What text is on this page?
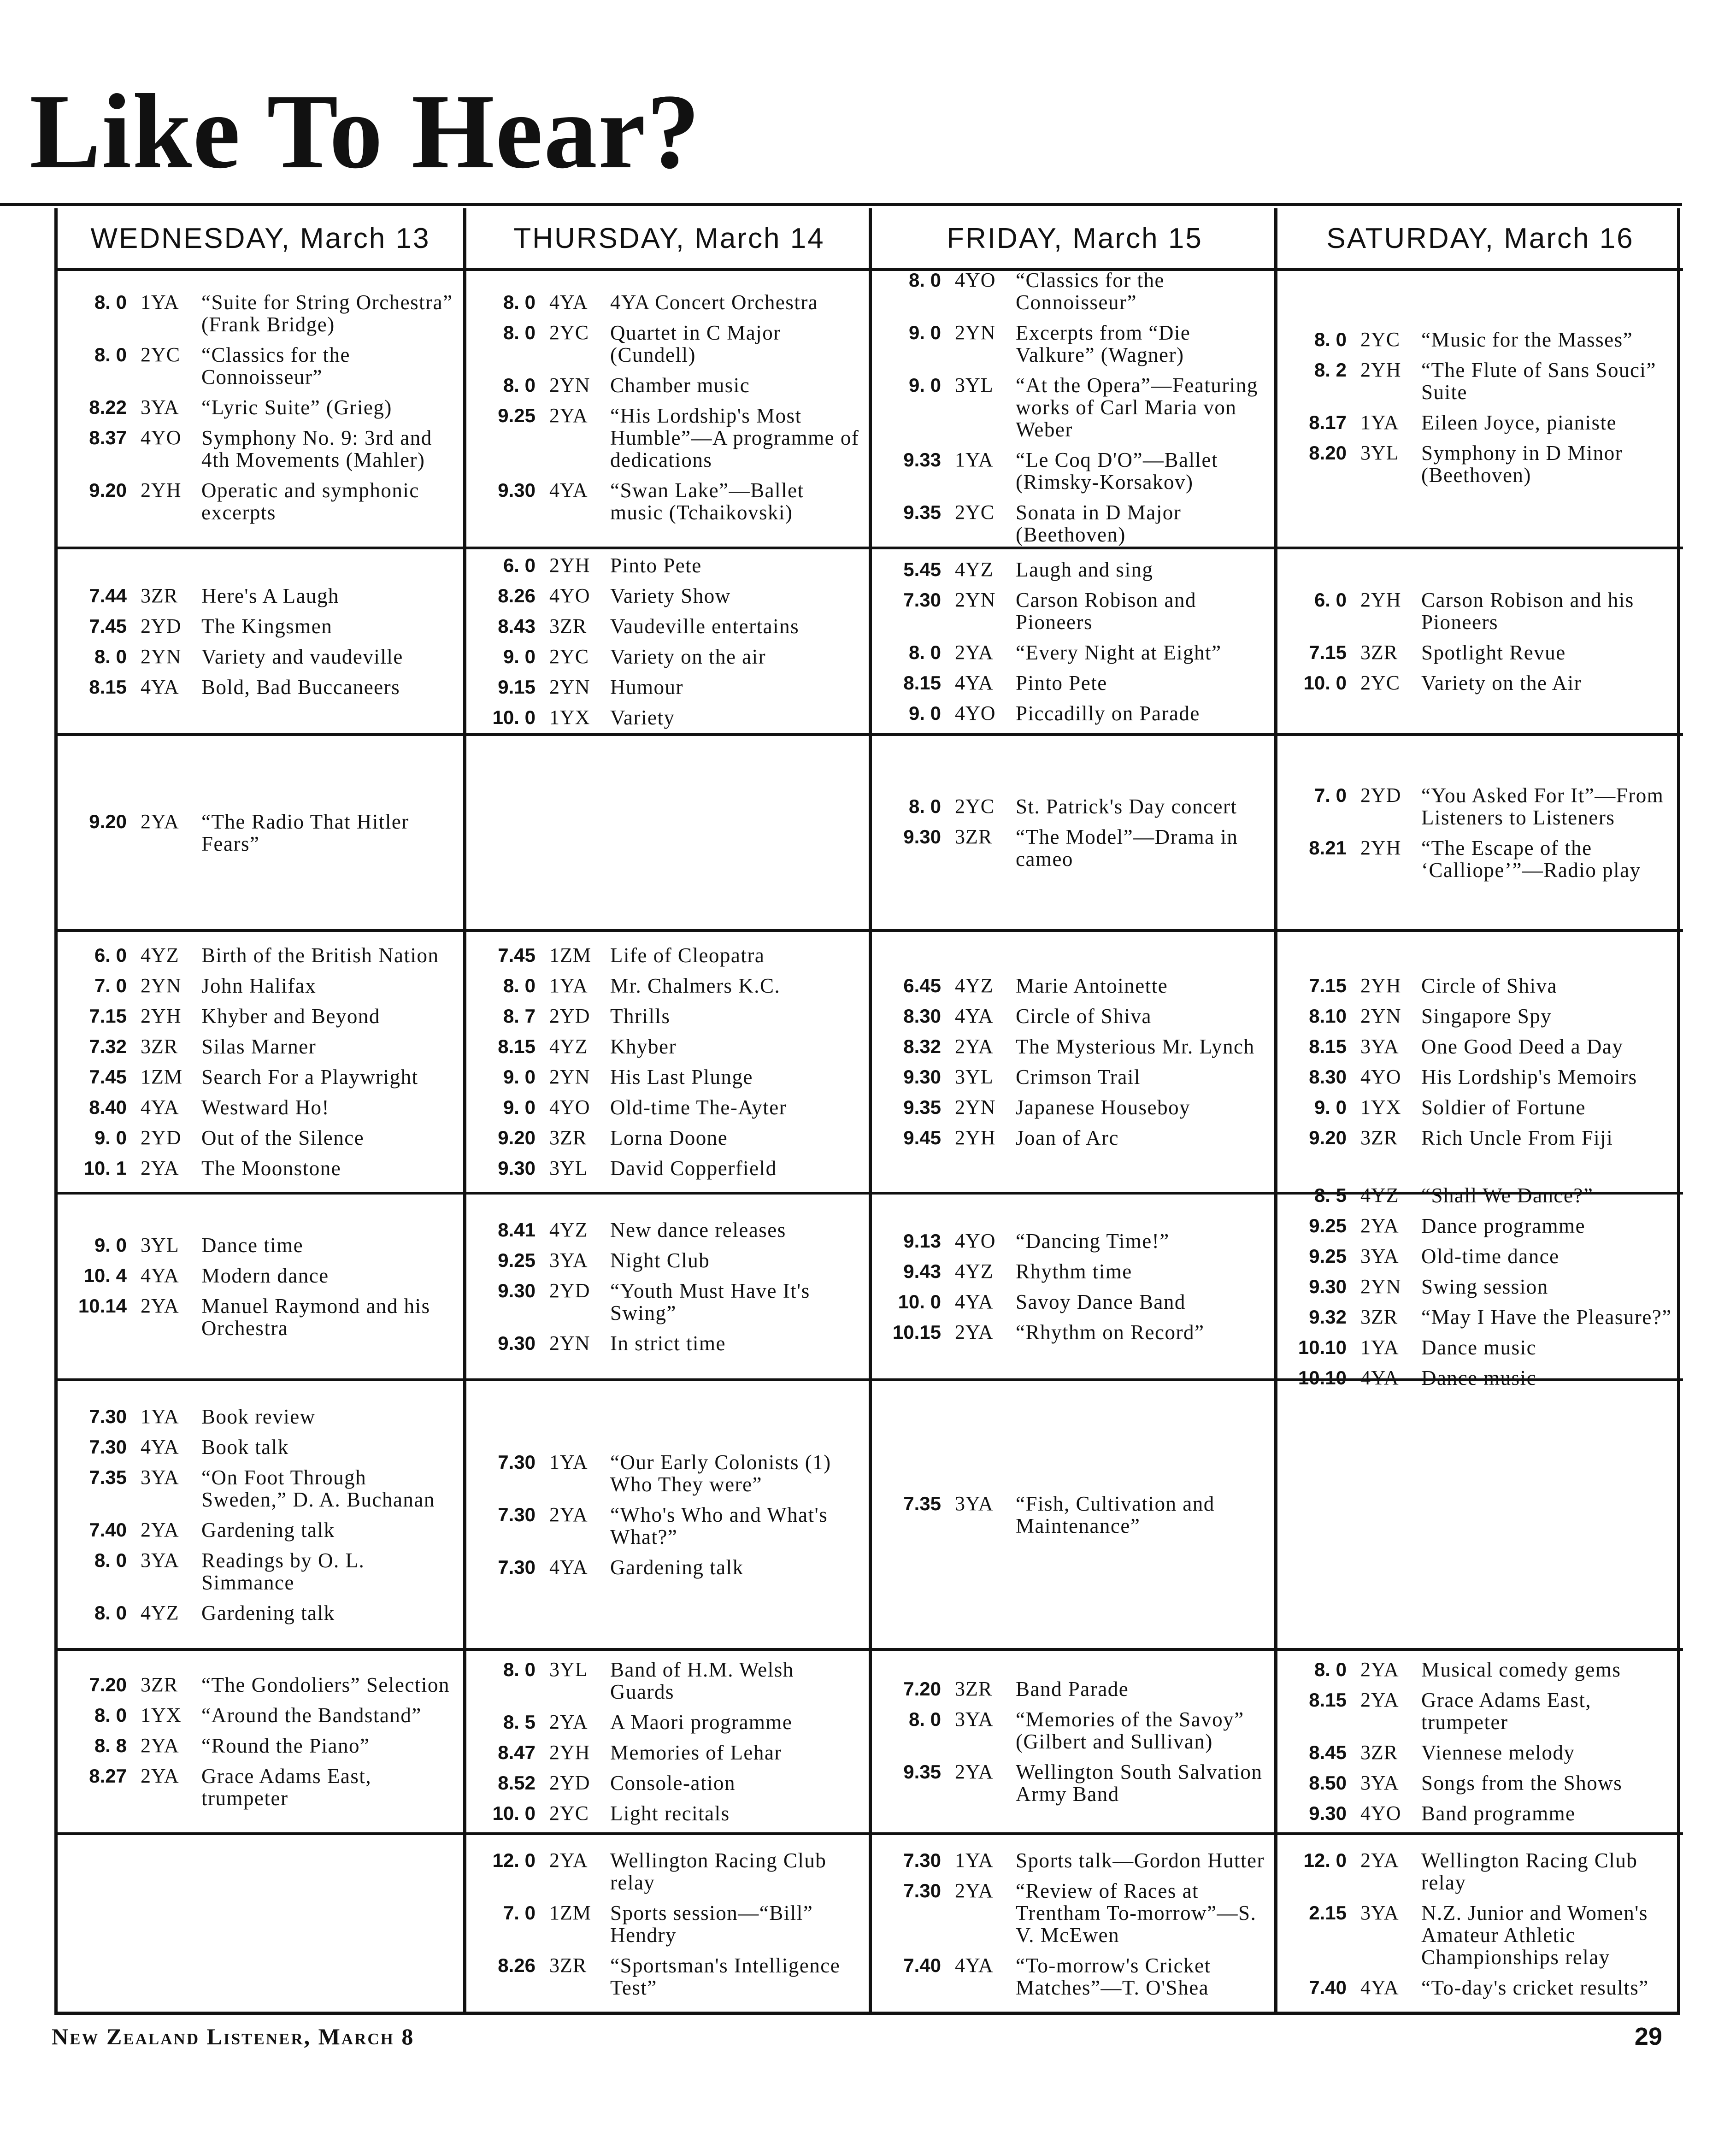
Like To Hear?
WEDNESDAY, March 13
8. 0 1YA	“Suite for String Orchestra” (Frank Bridge)
8. 0 2YC	“Classics for the Connoisseur”
8.22 3YA	“Lyric Suite” (Grieg)
8.37 4YO Symphony No. 9: 3rd and 4th Movements (Mahler)
9.20 2YH Operatic and symphonic excerpts
7.44 3ZR	Here's A Laugh
7.45 2YD The Kingsmen
8. 0 2YN Variety and vaudeville
8.15 4YA	Bold, Bad Buccaneers
9.20 2YA	“The Radio That Hitler Fears”
6. 0 4YZ	Birth of the British Nation
7. 0 2YN John Halifax
7.15 2YH Khyber and Beyond
7.32 3ZR	Silas Marner
7.45 1ZM Search For a Playwright
8.40 4YA	Westward Ho!
9. 0 2YD Out of the Silence
10. 1 2YA	The Moonstone
9. 0 3YL	Dance time
10. 4 4YA	Modern dance
10.14 2YA	Manuel Raymond and his Orchestra
7.30 1YA	Book review
7.30 4YA	Book talk
7.35 3YA	“On Foot Through Sweden,” D. A. Buchanan
7.40 2YA	Gardening talk
8. 0 3YA	Readings by O. L. Simmance
8. 0 4YZ	Gardening talk
7.20 3ZR	“The Gondoliers” Selection
8. 0 1YX “Around the Bandstand”
8. 8 2YA	“Round the Piano”
8.27 2YA	Grace Adams East, trumpeter
THURSDAY, March 14
8. 0 4YA	4YA Concert Orchestra
8. 0 2YC	Quartet in C Major (Cundell)
8. 0 2YN Chamber music
9.25 2YA	“His Lordship's Most Humble”—A programme of dedications
9.30 4YA	“Swan Lake”—Ballet music (Tchaikovski)
6. 0 2YH Pinto Pete
8.26 4YO Variety Show
8.43 3ZR	Vaudeville entertains
9. 0 2YC	Variety on the air
9.15 2YN Humour
10. 0 1YX Variety
7.45 1ZM Life of Cleopatra
8. 0 1YA	Mr. Chalmers K.C.
8. 7 2YD Thrills
8.15 4YZ	Khyber
9. 0 2YN His Last Plunge
9. 0 4YO Old-time The-Ayter
9.20 3ZR	Lorna Doone
9.30 3YL	David Copperfield
8.41 4YZ	New dance releases
9.25 3YA	Night Club
9.30 2YD “Youth Must Have It's Swing”
9.30 2YN In strict time
7.30 1YA	“Our Early Colonists (1) Who They were”
7.30 2YA	“Who's Who and What's What?”
7.30 4YA	Gardening talk
8. 0 3YL	Band of H.M. Welsh Guards
8. 5 2YA	A Maori programme
8.47 2YH Memories of Lehar
8.52 2YD Console-ation
10. 0 2YC	Light recitals
12. 0 2YA	Wellington Racing Club relay
7. 0 1ZM Sports session—“Bill” Hendry
8.26 3ZR	“Sportsman's Intelligence Test”
FRIDAY, March 15
8. 0 4YO “Classics for the Connoisseur”
9. 0 2YN Excerpts from “Die Valkure” (Wagner)
9. 0 3YL	“At the Opera”—Featuring works of Carl Maria von Weber
9.33 1YA	“Le Coq D'O”—Ballet (Rimsky-Korsakov)
9.35 2YC	Sonata in D Major (Beethoven)
5.45 4YZ	Laugh and sing
7.30 2YN Carson Robison and Pioneers
8. 0 2YA	“Every Night at Eight”
8.15 4YA	Pinto Pete
9. 0 4YO Piccadilly on Parade
8. 0 2YC	St. Patrick's Day concert
9.30 3ZR	“The Model”—Drama in cameo
6.45 4YZ	Marie Antoinette
8.30 4YA	Circle of Shiva
8.32 2YA	The Mysterious Mr. Lynch
9.30 3YL	Crimson Trail
9.35 2YN Japanese Houseboy
9.45 2YH Joan of Arc
9.13 4YO “Dancing Time!”
9.43 4YZ	Rhythm time
10. 0 4YA	Savoy Dance Band
10.15 2YA	“Rhythm on Record”
7.35 3YA	“Fish, Cultivation and Maintenance”
7.20 3ZR	Band Parade
8. 0 3YA	“Memories of the Savoy” (Gilbert and Sullivan)
9.35 2YA	Wellington South Salvation Army Band
7.30 1YA	Sports talk—Gordon Hutter
7.30 2YA	“Review of Races at Trentham To-morrow”—S. V. McEwen
7.40 4YA	“To-morrow's Cricket Matches”—T. O'Shea
SATURDAY, March 16
8. 0 2YC	“Music for the Masses”
8. 2 2YH “The Flute of Sans Souci” Suite
8.17 1YA	Eileen Joyce, pianiste
8.20 3YL	Symphony in D Minor (Beethoven)
6. 0 2YH Carson Robison and his Pioneers
7.15 3ZR	Spotlight Revue
10. 0 2YC	Variety on the Air
7. 0 2YD “You Asked For It”—From Listeners to Listeners
8.21 2YH “The Escape of the ‘Calliope’”—Radio play
7.15 2YH Circle of Shiva
8.10 2YN Singapore Spy
8.15 3YA	One Good Deed a Day
8.30 4YO His Lordship's Memoirs
9. 0 1YX Soldier of Fortune
9.20 3ZR	Rich Uncle From Fiji
8. 5 4YZ	“Shall We Dance?”
9.25 2YA	Dance programme
9.25 3YA	Old-time dance
9.30 2YN Swing session
9.32 3ZR	“May I Have the Pleasure?”
10.10 1YA	Dance music
10.10 4YA	Dance music
8. 0 2YA	Musical comedy gems
8.15 2YA	Grace Adams East, trumpeter
8.45 3ZR	Viennese melody
8.50 3YA	Songs from the Shows
9.30 4YO Band programme
12. 0 2YA	Wellington Racing Club relay
2.15 3YA	N.Z. Junior and Women's Amateur Athletic Championships relay
7.40 4YA	“To-day's cricket results”
New Zealand Listener, March 8	29
